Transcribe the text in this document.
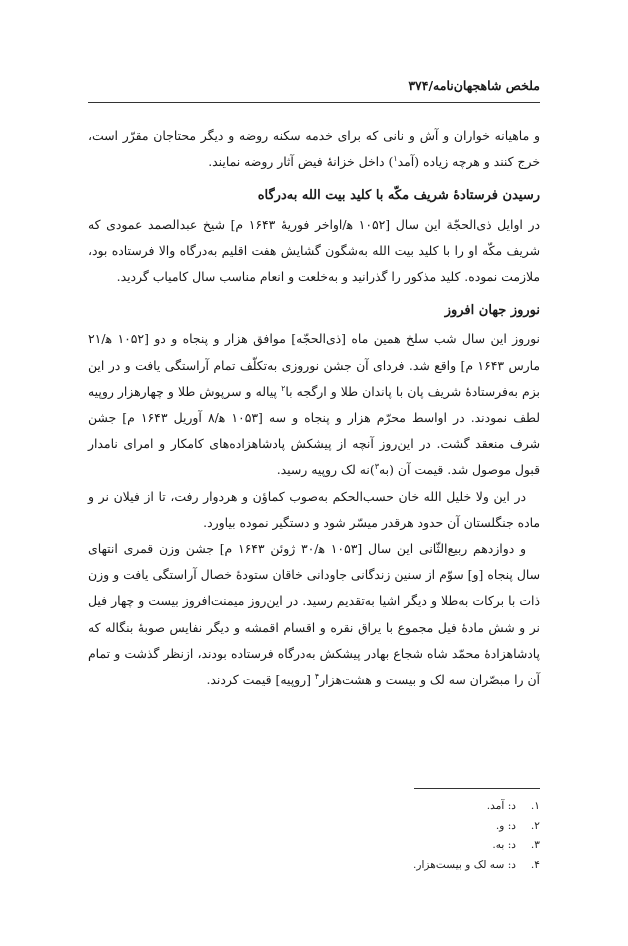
ملخص شاهجهان‌نامه/۳۷۴

و ماهیانه خواران و آش و نانی که برای خدمه سکنه روضه و دیگر محتاجان مقرّر است، خرج کنند و هرچه زیاده (آمد$^۱$) داخل خزانهٔ فیض آثار روضه نمایند.

رسیدن فرستادهٔ شریف مکّه با کلید بیت الله به‌درگاه

در اوایل ذی‌الحجّة این سال [۱۰۵۲ ه‍/اواخر فوریهٔ ۱۶۴۳ م] شیخ عبدالصمد عمودی که شریف مکّه او را با کلید بیت الله به‌شگون گشایش هفت اقلیم به‌درگاه والا فرستاده بود، ملازمت نموده. کلید مذکور را گذرانید و به‌خلعت و انعام مناسب سال کامیاب گردید.

نوروز جهان افروز

نوروز این سال شب سلخ همین ماه [ذی‌الحجّه] موافق هزار و پنجاه و دو [۱۰۵۲ ه‍/۲۱ مارس ۱۶۴۳ م] واقع شد. فردای آن جشن نوروزی به‌تکلّف تمام آراستگی یافت و در این بزم به‌فرستادهٔ شریف پان با پاندان طلا و ارگجه با$^۲$ پیاله و سرپوش طلا و چهارهزار روپیه لطف نمودند. در اواسط محرّم هزار و پنجاه و سه [۱۰۵۳ ه‍/۸ آوریل ۱۶۴۳ م] جشن شرف منعقد گشت. در این‌روز آنچه از پیشکش پادشاهزاده‌های کامکار و امرای نامدار قبول موصول شد. قیمت آن (به$^۳$)نه لک روپیه رسید.

در این ولا خلیل الله خان حسب‌الحکم به‌صوب کماؤن و هردوار رفت، تا از فیلان نر و ماده جنگلستان آن حدود هرقدر میسّر شود و دستگیر نموده بیاورد.

و دوازدهم ربیع‌الثّانی این سال [۱۰۵۳ ه‍/۳۰ ژوئن ۱۶۴۳ م] جشن وزن قمری انتهای سال پنجاه [و] سوّم از سنین زندگانی جاودانی خاقان ستودهٔ خصال آراستگی یافت و وزن ذات با برکات به‌طلا و دیگر اشیا به‌تقدیم رسید. در این‌روز میمنت‌افروز بیست و چهار فیل نر و شش مادهٔ فیل مجموع با یراق نقره و اقسام اقمشه و دیگر نفایس صوبهٔ بنگاله که پادشاهزادهٔ محمّد شاه شجاع بهادر پیشکش به‌درگاه فرستاده بودند، ازنظر گذشت و تمام آن را مبصّران سه لک و بیست و هشت‌هزار$^۴$ [روپیه] قیمت کردند.

۱.
د: آمد.
۲.
د: و.
۳.
د: به.
۴.
د: سه لک و بیست‌هزار.
